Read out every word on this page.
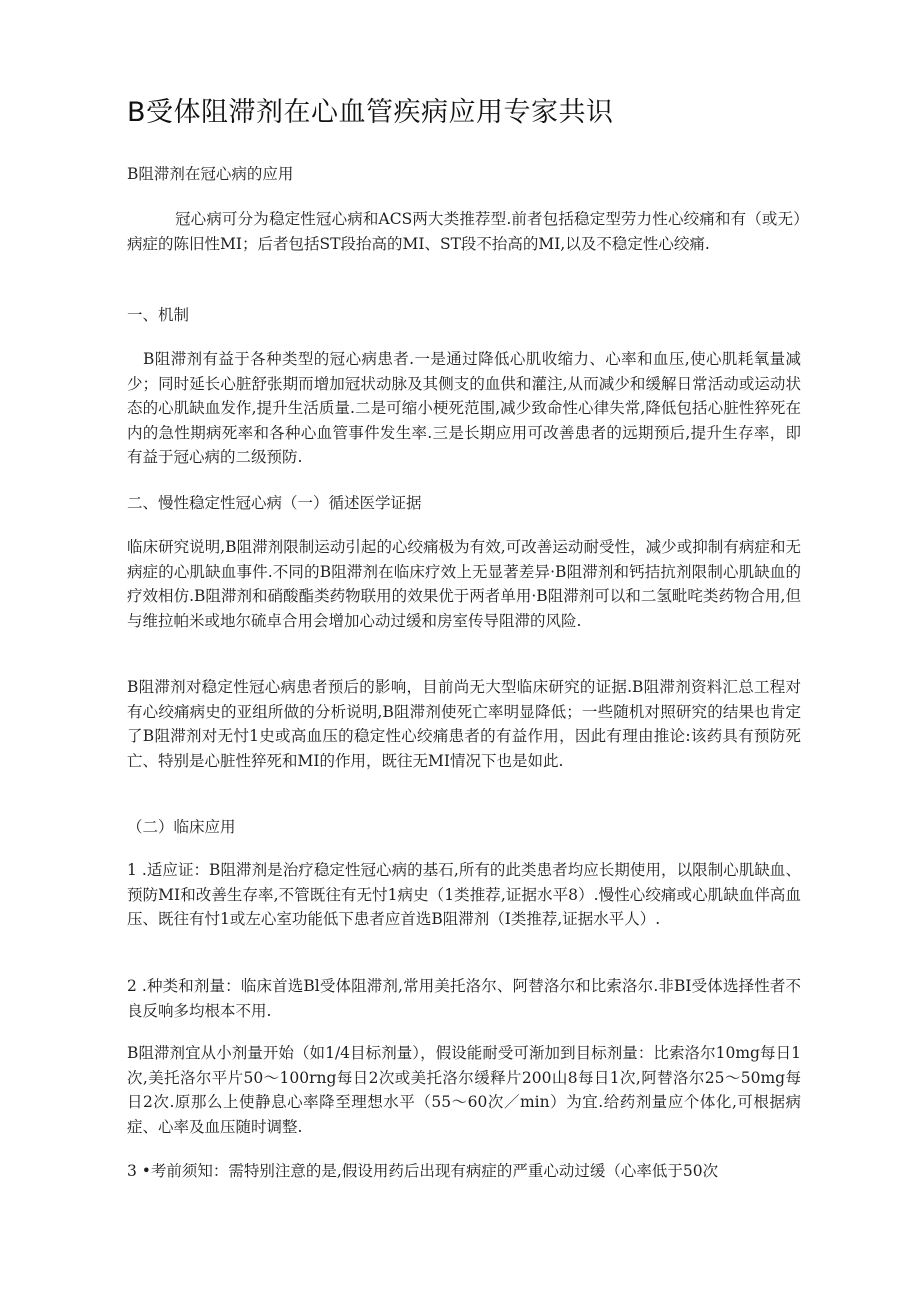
B受体阻滞剂在心血管疾病应用专家共识
B阻滞剂在冠心病的应用
冠心病可分为稳定性冠心病和ACS两大类推荐型.前者包括稳定型劳力性心绞痛和有（或无）病症的陈旧性MI；后者包括ST段抬高的MI、ST段不抬高的MI,以及不稳定性心绞痛.
一、机制
B阻滞剂有益于各种类型的冠心病患者.一是通过降低心肌收缩力、心率和血压,使心肌耗氧量减少；同时延长心脏舒张期而增加冠状动脉及其侧支的血供和灌注,从而减少和缓解日常活动或运动状态的心肌缺血发作,提升生活质量.二是可缩小梗死范围,减少致命性心律失常,降低包括心脏性猝死在内的急性期病死率和各种心血管事件发生率.三是长期应用可改善患者的远期预后,提升生存率，即有益于冠心病的二级预防.
二、慢性稳定性冠心病（一）循述医学证据
临床研究说明,B阻滞剂限制运动引起的心绞痛极为有效,可改善运动耐受性，减少或抑制有病症和无病症的心肌缺血事件.不同的B阻滞剂在临床疗效上无显著差异·B阻滞剂和钙拮抗剂限制心肌缺血的疗效相仿.B阻滞剂和硝酸酯类药物联用的效果优于两者单用·B阻滞剂可以和二氢毗咤类药物合用,但与维拉帕米或地尔硫卓合用会增加心动过缓和房室传导阻滞的风险.
B阻滞剂对稳定性冠心病患者预后的影响，目前尚无大型临床研究的证据.B阻滞剂资料汇总工程对有心绞痛病史的亚组所做的分析说明,B阻滞剂使死亡率明显降低；一些随机对照研究的结果也肯定了B阻滞剂对无忖1史或高血压的稳定性心绞痛患者的有益作用，因此有理由推论:该药具有预防死亡、特别是心脏性猝死和MI的作用，既往无MI情况下也是如此.
（二）临床应用
1 .适应证：B阻滞剂是治疗稳定性冠心病的基石,所有的此类患者均应长期使用，以限制心肌缺血、预防MI和改善生存率,不管既往有无忖1病史（1类推荐,证据水平8）.慢性心绞痛或心肌缺血伴高血压、既往有忖1或左心室功能低下患者应首选B阻滞剂（I类推荐,证据水平人）.
2 .种类和剂量：临床首选Bl受体阻滞剂,常用美托洛尔、阿替洛尔和比索洛尔.非BI受体选择性者不良反响多均根本不用.
B阻滞剂宜从小剂量开始（如1/4目标剂量），假设能耐受可渐加到目标剂量：比索洛尔10mg每日1次,美托洛尔平片50～100rng每日2次或美托洛尔缓释片200山8每日1次,阿替洛尔25～50mg每日2次.原那么上使静息心率降至理想水平（55～60次／min）为宜.给药剂量应个体化,可根据病症、心率及血压随时调整.
3 •考前须知：需特别注意的是,假设用药后出现有病症的严重心动过缓（心率低于50次
